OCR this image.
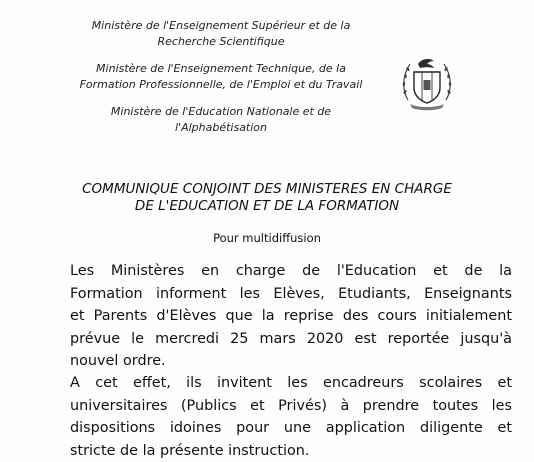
Ministère de l'Enseignement Supérieur et de la
Recherche Scientifique
Ministère de l'Enseignement Technique, de la
Formation Professionnelle, de l'Emploi et du Travail
Ministère de l'Education Nationale et de
l'Alphabétisation
COMMUNIQUE CONJOINT DES MINISTERES EN CHARGE
DE L'EDUCATION ET DE LA FORMATION
Pour multidiffusion
Les Ministères en charge de l'Education et de la
Formation informent les Elèves, Etudiants, Enseignants
et Parents d'Elèves que la reprise des cours initialement
prévue le mercredi 25 mars 2020 est reportée jusqu'à
nouvel ordre.
A cet effet, ils invitent les encadreurs scolaires et
universitaires (Publics et Privés) à prendre toutes les
dispositions idoines pour une application diligente et
stricte de la présente instruction.
